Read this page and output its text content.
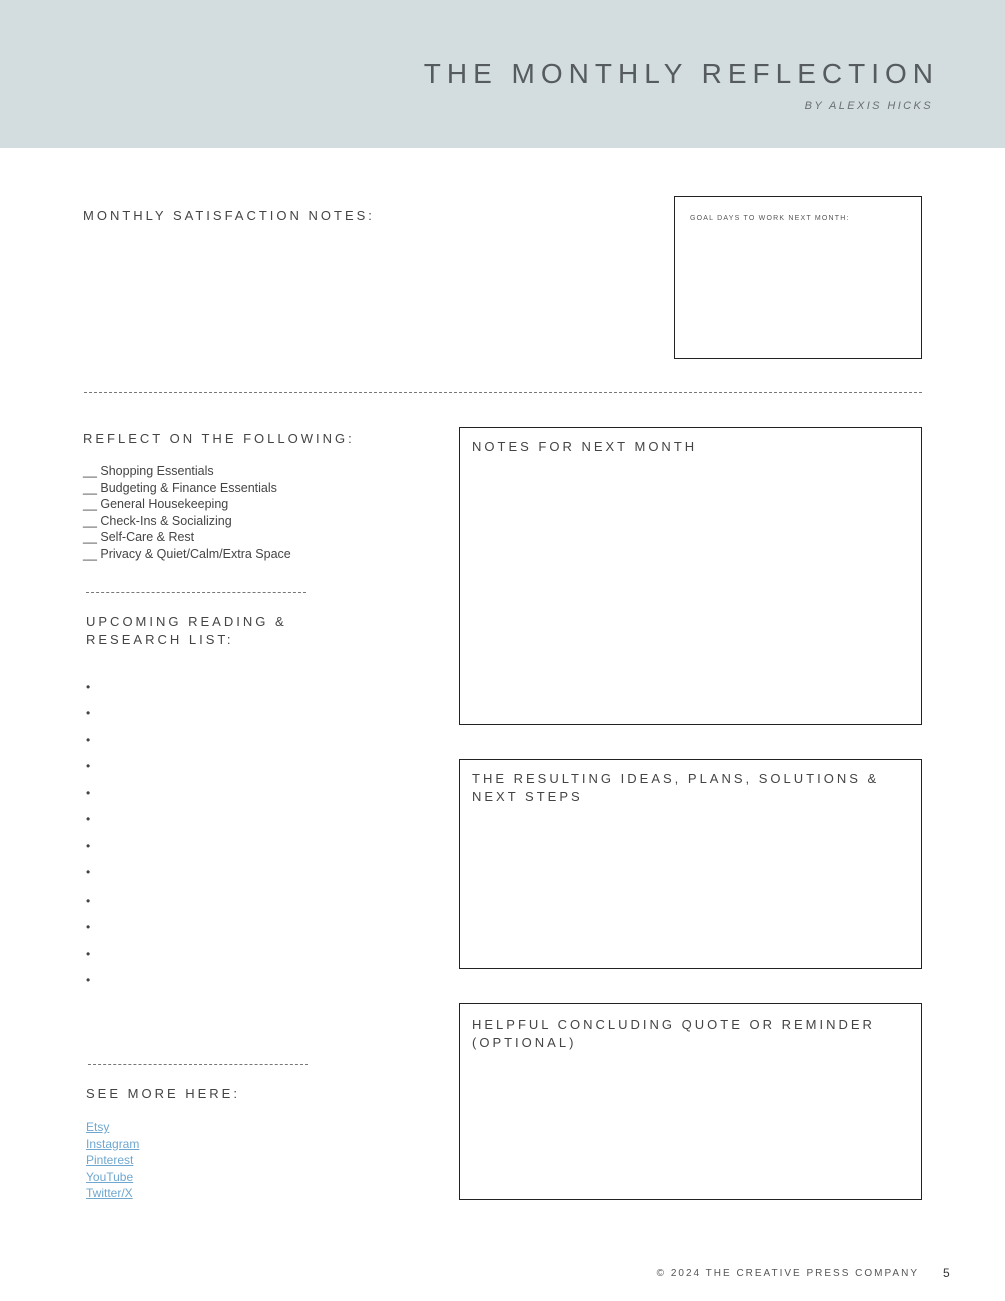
THE MONTHLY REFLECTION
BY ALEXIS HICKS
MONTHLY SATISFACTION NOTES:	GOAL DAYS TO WORK NEXT MONTH:
REFLECT ON THE FOLLOWING:
__ Shopping Essentials
__ Budgeting & Finance Essentials
__ General Housekeeping
__ Check-Ins & Socializing
__ Self-Care & Rest
__ Privacy & Quiet/Calm/Extra Space
UPCOMING READING &
RESEARCH LIST:
•
•
•
•
•
•
•
•
•
•
•
•
SEE MORE HERE:
Etsy
Instagram
Pinterest
YouTube
Twitter/X
NOTES FOR NEXT MONTH
THE RESULTING IDEAS, PLANS, SOLUTIONS & NEXT STEPS
HELPFUL CONCLUDING QUOTE OR REMINDER (OPTIONAL)
© 2024 THE CREATIVE PRESS COMPANY 5
